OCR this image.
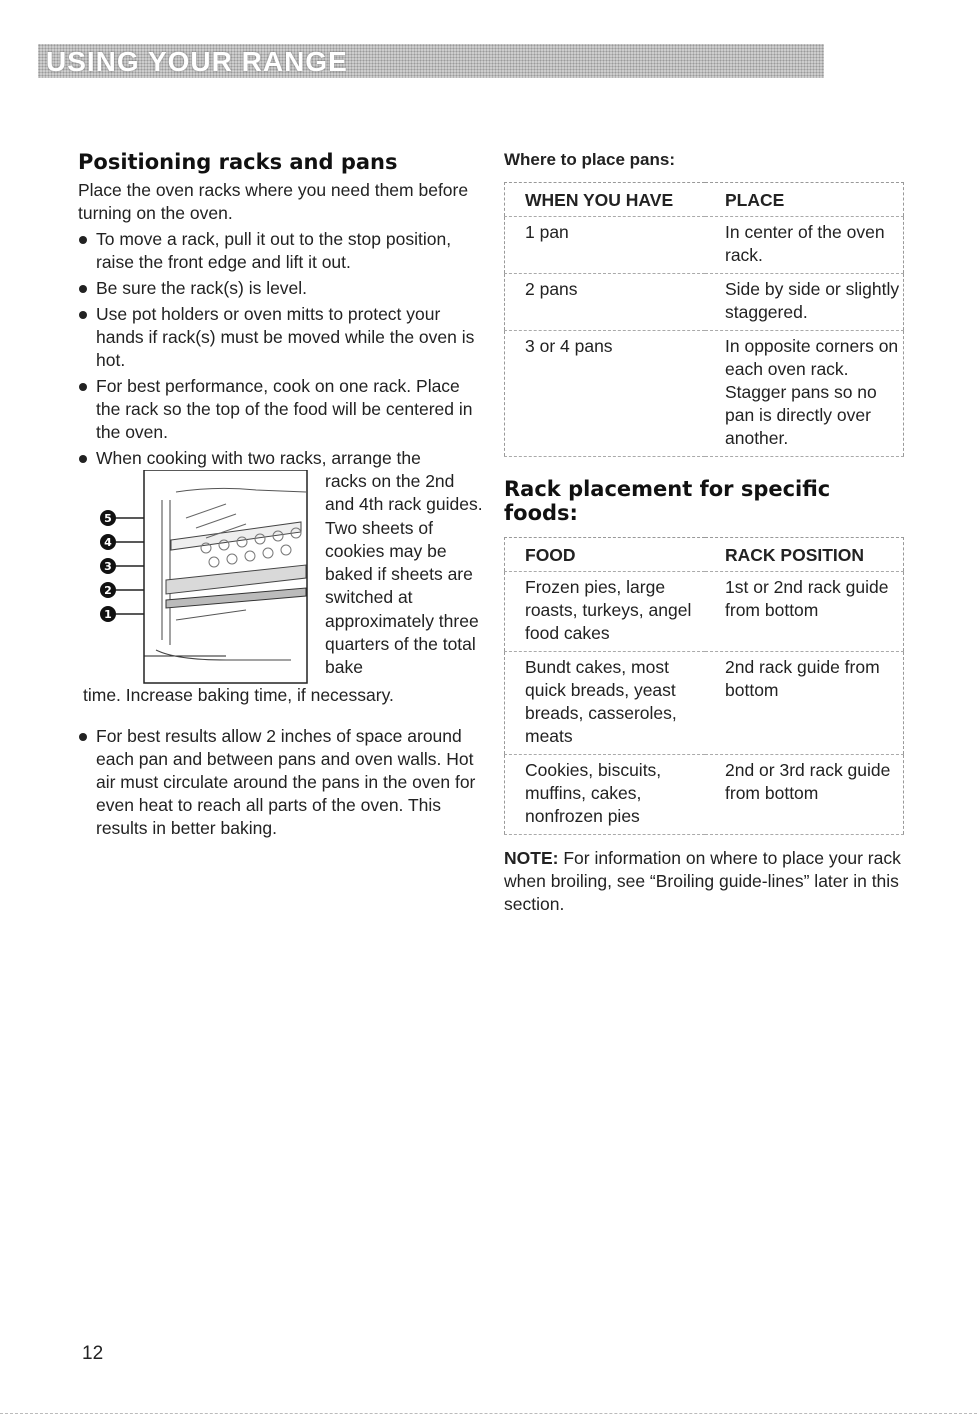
USING YOUR RANGE
Positioning racks and pans

Place the oven racks where you need them before turning on the oven.

To move a rack, pull it out to the stop position, raise the front edge and lift it out.
Be sure the rack(s) is level.
Use pot holders or oven mitts to protect your hands if rack(s) must be moved while the oven is hot.
For best performance, cook on one rack. Place the rack so the top of the food will be centered in the oven.
When cooking with two racks, arrange the
5
4
3
2
1
racks on the 2nd and 4th rack guides. Two sheets of cookies may be baked if sheets are switched at approximately three quarters of the total bake

time. Increase baking time, if necessary.

For best results allow 2 inches of space around each pan and between pans and oven walls. Hot air must circulate around the pans in the oven for even heat to reach all parts of the oven. This results in better baking.

Where to place pans:

WHEN YOU HAVE	PLACE
1 pan	In center of the oven rack.
2 pans	Side by side or slightly staggered.
3 or 4 pans	In opposite corners on each oven rack. Stagger pans so no pan is directly over another.
Rack placement for specific foods:
FOOD	RACK POSITION
Frozen pies, large roasts, turkeys, angel food cakes	1st or 2nd rack guide from bottom
Bundt cakes, most quick breads, yeast breads, casseroles, meats	2nd rack guide from bottom
Cookies, biscuits, muffins, cakes, nonfrozen pies	2nd or 3rd rack guide from bottom

NOTE: For information on where to place your rack when broiling, see “Broiling guide-lines” later in this section.

12
